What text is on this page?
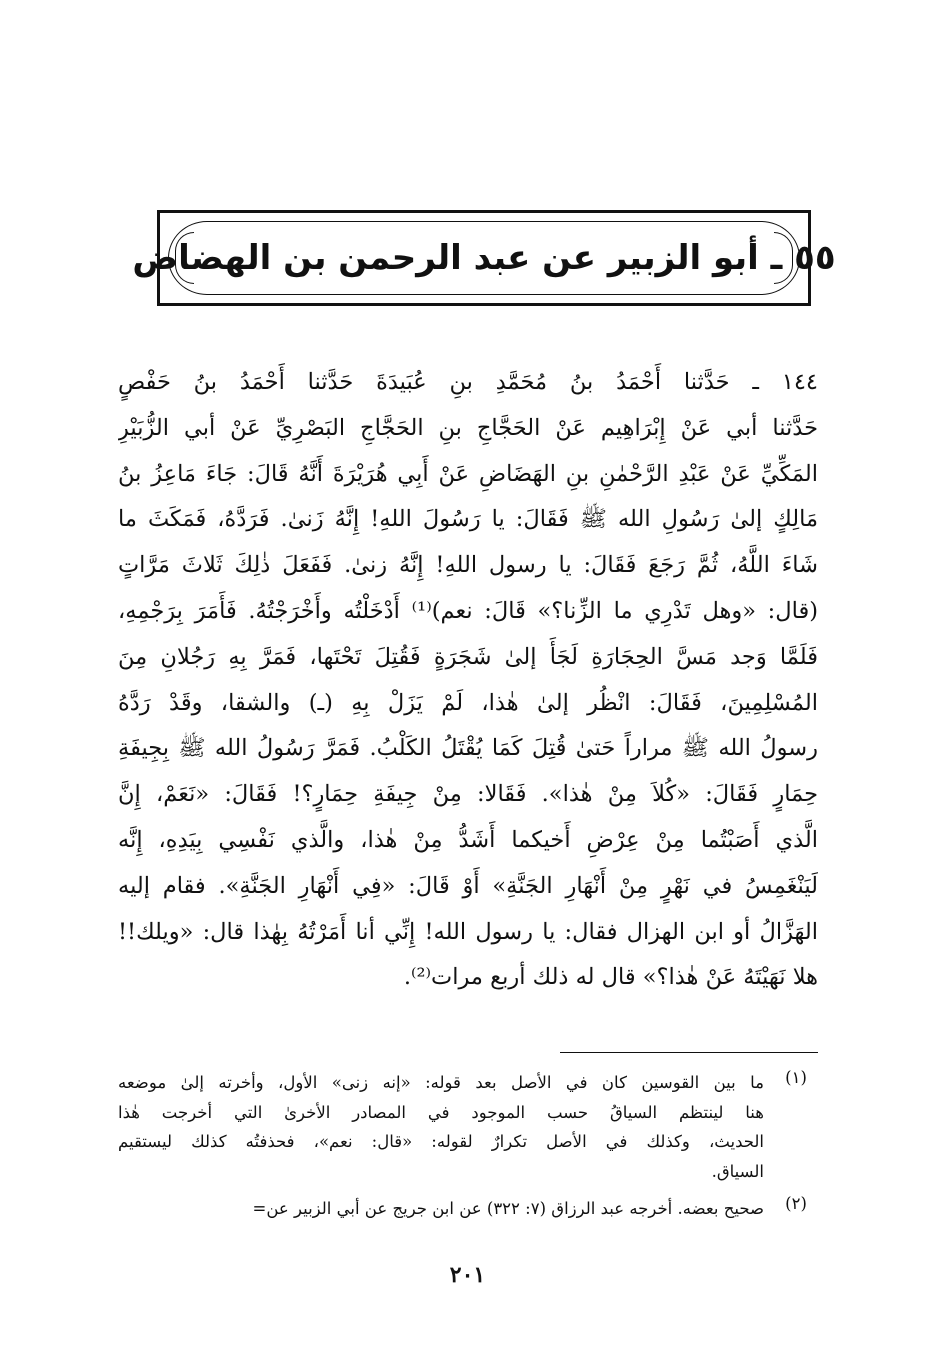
٥٥ ـ أبو الزبير عن عبد الرحمن بن الهضاض
١٤٤ ـ حَدَّثنا أَحْمَدُ بنُ مُحَمَّدِ بنِ عُبَيدَةَ حَدَّثنا أَحْمَدُ بنُ حَفْصٍ
حَدَّثنا أبي عَنْ إِبْرَاهِيم عَنْ الحَجَّاجِ بنِ الحَجَّاجِ البَصْرِيِّ عَنْ أبي الزُّبَيْرِ
المَكِّيِّ عَنْ عَبْدِ الرَّحْمٰنِ بنِ الهَضَاضِ عَنْ أَبِي هُرَيْرَةَ أَنَّهُ قَالَ: جَاءَ مَاعِزُ بنُ
مَالِكٍ إلىٰ رَسُولِ الله ﷺ فَقَالَ: يا رَسُولَ اللهِ! إِنَّهُ زَنىٰ. فَرَدَّهُ، فَمَكَثَ ما
شَاءَ اللَّهُ، ثُمَّ رَجَعَ فَقَالَ: يا رسول اللهِ! إِنَّهُ زنىٰ. فَفَعَلَ ذٰلِكَ ثَلاثَ مَرَّاتٍ
(قال: «وهل تَدْرِي ما الزِّنا؟» قَالَ: نعم)⁽¹⁾ أَدْخَلْتُه وأَخْرَجْتُهُ. فَأَمَرَ بِرَجْمِهِ،
فَلَمَّا وَجد مَسَّ الحِجَارَةِ لَجَأَ إلىٰ شَجَرَةٍ فَقُتِلَ تَحْتَها، فَمَرَّ بِهِ رَجُلانِ مِنَ
المُسْلِمِينَ، فَقَالَ: انْظُر إلىٰ هٰذا، لَمْ يَزَلْ بِهِ (ـ) والشقا، وقَدْ رَدَّهُ
رسولُ الله ﷺ مراراً حَتىٰ قُتِلَ كَمَا يُقْتَلُ الكَلْبُ. فَمَرَّ رَسُولُ الله ﷺ بِجِيفَةِ
حِمَارٍ فَقَالَ: «كُلاَ مِنْ هٰذا». فَقَالا: مِنْ جِيفَةِ حِمَارٍ؟! فَقَالَ: «نَعَمْ، إِنَّ
الَّذي أَصَبْتُما مِنْ عِرْضِ أَخيكما أَشَدُّ مِنْ هٰذا، والَّذي نَفْسِي بِيَدِهِ، إِنَّه
لَيَنْغَمِسُ في نَهْرٍ مِنْ أَنْهَارِ الجَنَّةِ» أَوْ قَالَ: «فِي أَنْهَارِ الجَنَّةِ». فقام إليه
الهَزَّالُ أو ابن الهزال فقال: يا رسول الله! إِنِّي أنا أَمَرْتُهُ بِهٰذا قال: «ويلك!!
هلا نَهَيْتَهُ عَنْ هٰذا؟» قال له ذلك أربع مرات⁽²⁾.
(١)
ما بين القوسين كان في الأصل بعد قوله: «إنه زنى» الأول، وأخرته إلىٰ موضعه
هنا لينتظم السياقُ حسب الموجود في المصادر الأخرىٰ التي أخرجت هٰذا
الحديث، وكذلك في الأصل تكرارٌ لقوله: «قال: نعم»، فحذفتُه كذلك ليستقيم
السياق.
(٢)
صحيح بعضه. أخرجه عبد الرزاق (٧: ٣٢٢) عن ابن جريج عن أبي الزبير عن=
٢٠١
